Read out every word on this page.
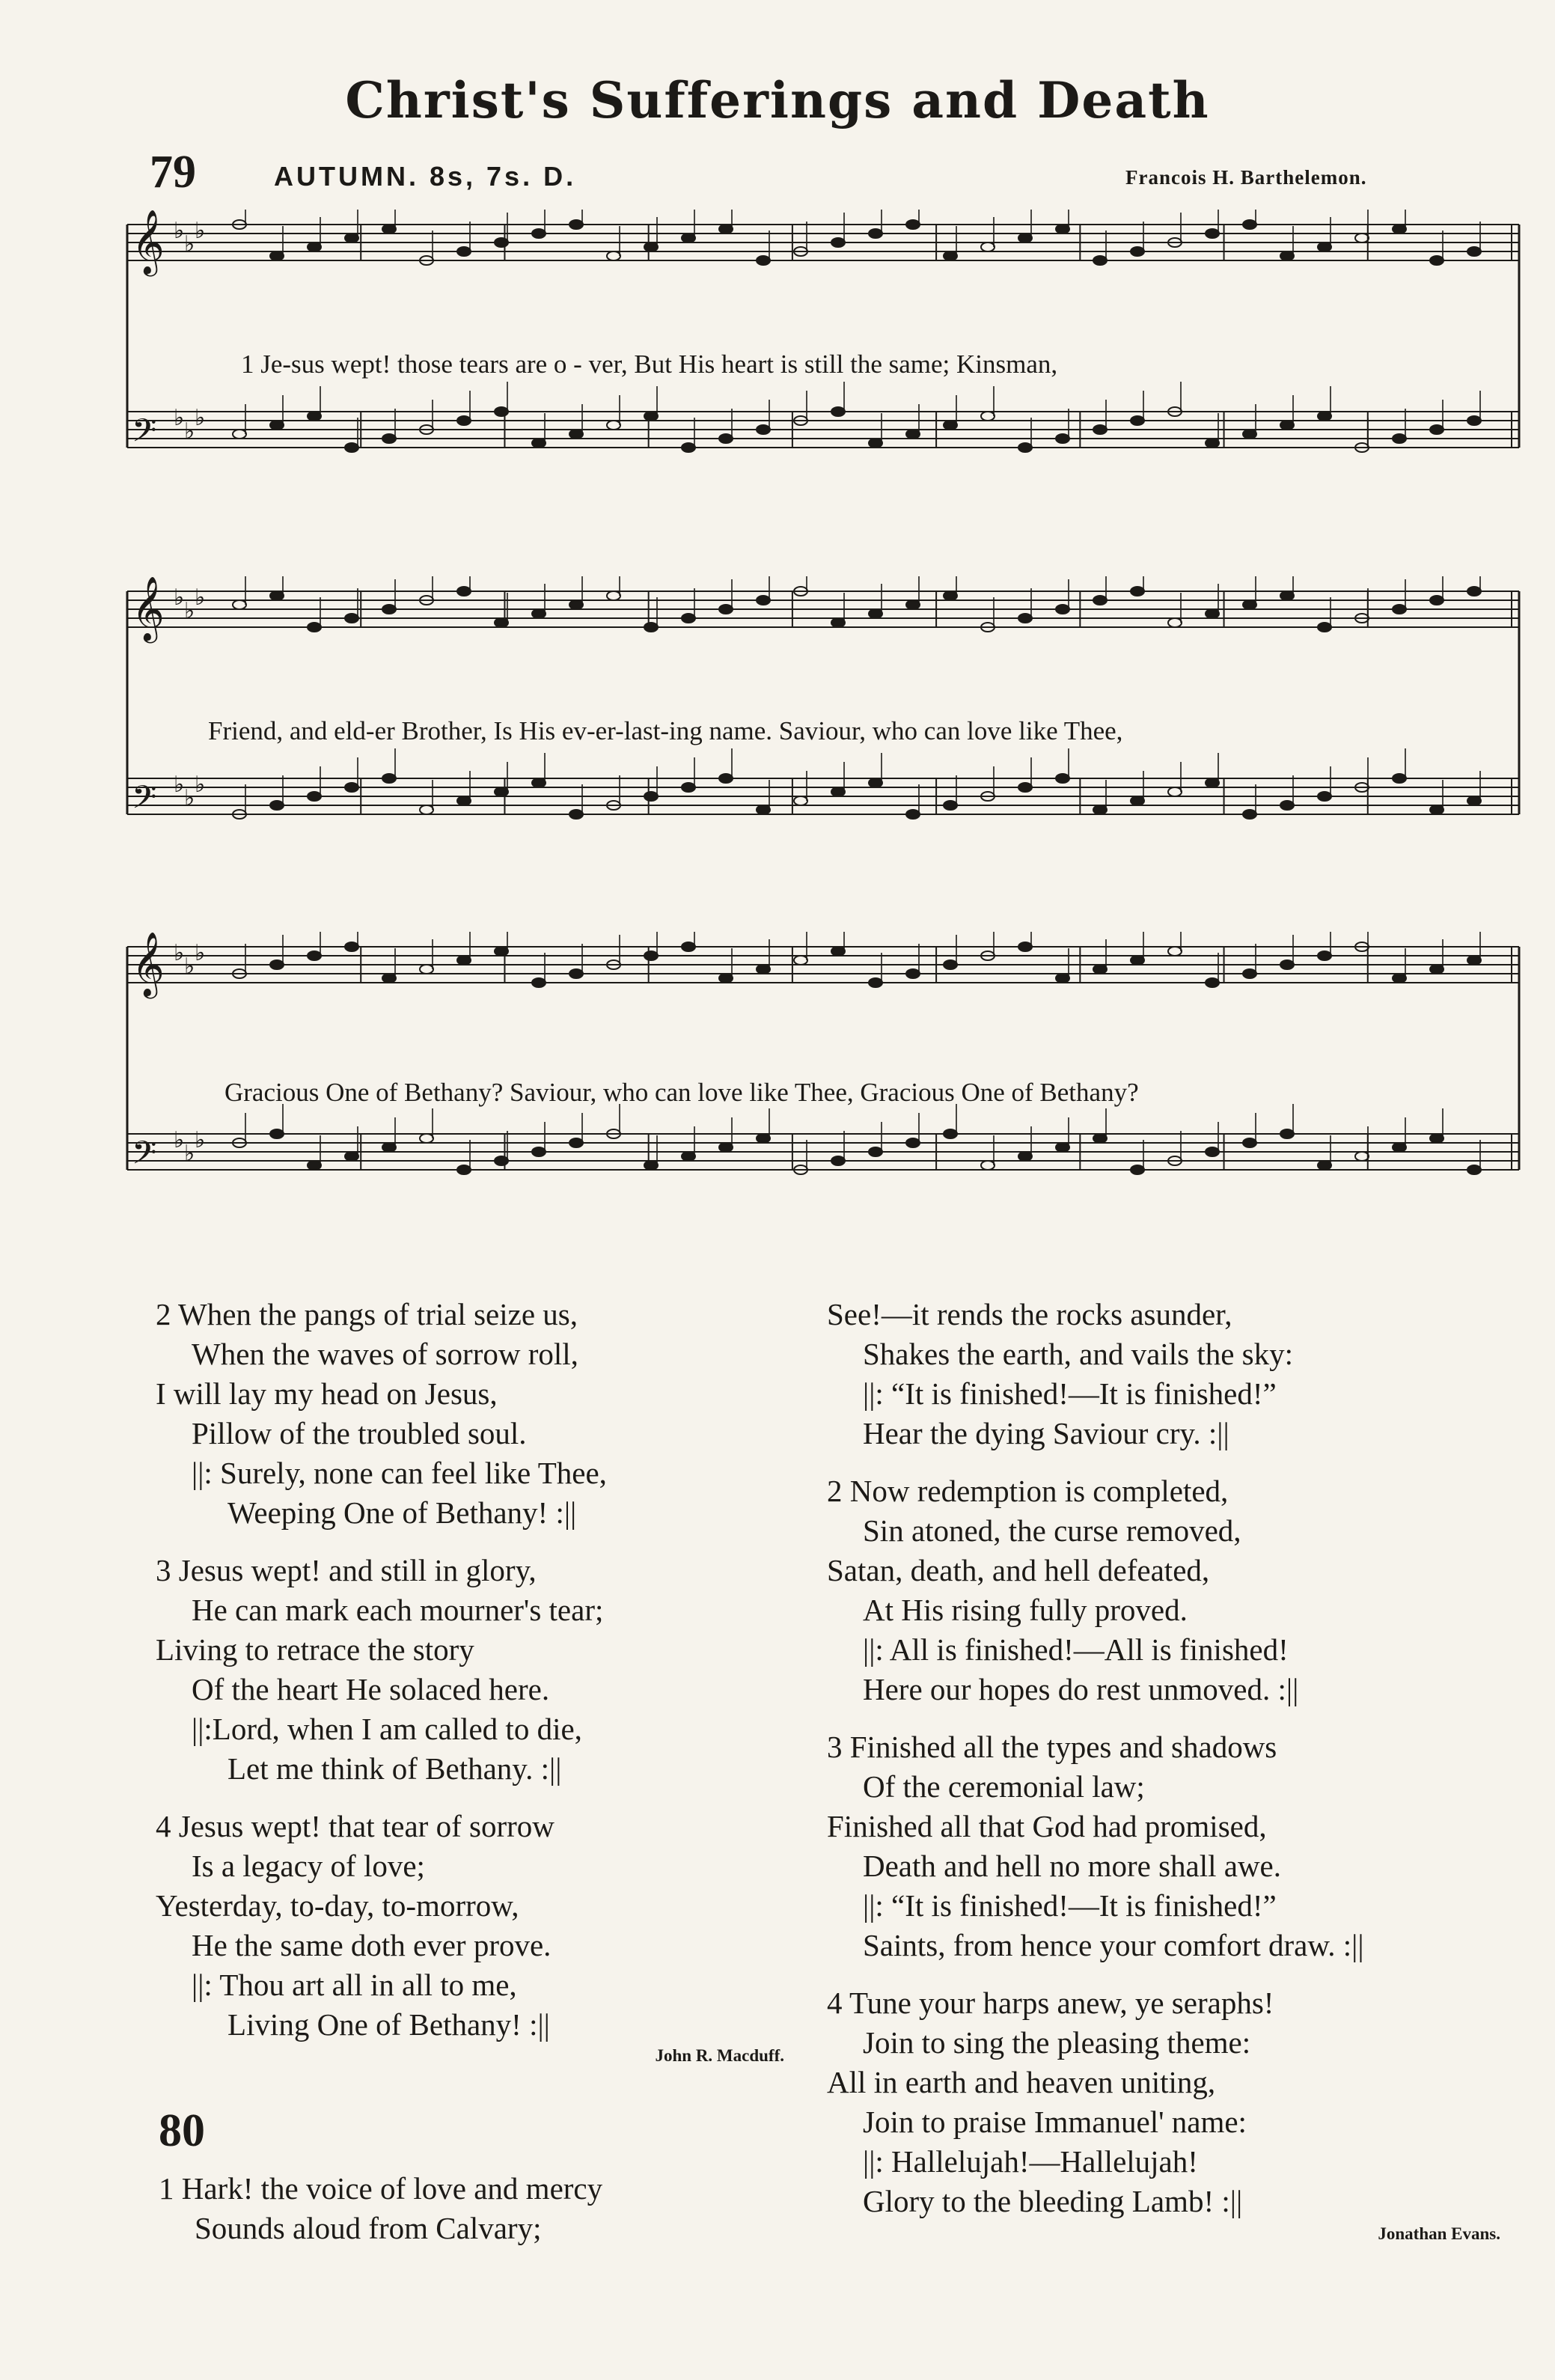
Christ's Sufferings and Death
79	AUTUMN. 8s, 7s. D.	Francois H. Barthelemon.
𝄞 ♭
♭
♭
𝄢 ♭
♭
♭
1 Je-sus wept! those tears are o - ver, But His heart is still the same; Kinsman,
𝄞 ♭
♭
♭
𝄢 ♭
♭
♭
Friend, and eld-er Brother, Is His ev-er-last-ing name. Saviour, who can love like Thee,
𝄞 ♭
♭
♭
𝄢 ♭
♭
♭
Gracious One of Bethany? Saviour, who can love like Thee, Gracious One of Bethany?
2 When the pangs of trial seize us,
When the waves of sorrow roll,
I will lay my head on Jesus,
Pillow of the troubled soul.
||: Surely, none can feel like Thee,
Weeping One of Bethany! :||
3 Jesus wept! and still in glory,
He can mark each mourner's tear;
Living to retrace the story
Of the heart He solaced here.
||:Lord, when I am called to die,
Let me think of Bethany. :||
4 Jesus wept! that tear of sorrow
Is a legacy of love;
Yesterday, to-day, to-morrow,
He the same doth ever prove.
||: Thou art all in all to me,
Living One of Bethany! :||
John R. Macduff.
80
1 Hark! the voice of love and mercy
Sounds aloud from Calvary;
See!—it rends the rocks asunder,
Shakes the earth, and vails the sky:
||: “It is finished!—It is finished!”
Hear the dying Saviour cry. :||
2 Now redemption is completed,
Sin atoned, the curse removed,
Satan, death, and hell defeated,
At His rising fully proved.
||: All is finished!—All is finished!
Here our hopes do rest unmoved. :||
3 Finished all the types and shadows
Of the ceremonial law;
Finished all that God had promised,
Death and hell no more shall awe.
||: “It is finished!—It is finished!”
Saints, from hence your comfort draw. :||
4 Tune your harps anew, ye seraphs!
Join to sing the pleasing theme:
All in earth and heaven uniting,
Join to praise Immanuel' name:
||: Hallelujah!—Hallelujah!
Glory to the bleeding Lamb! :||
Jonathan Evans.
